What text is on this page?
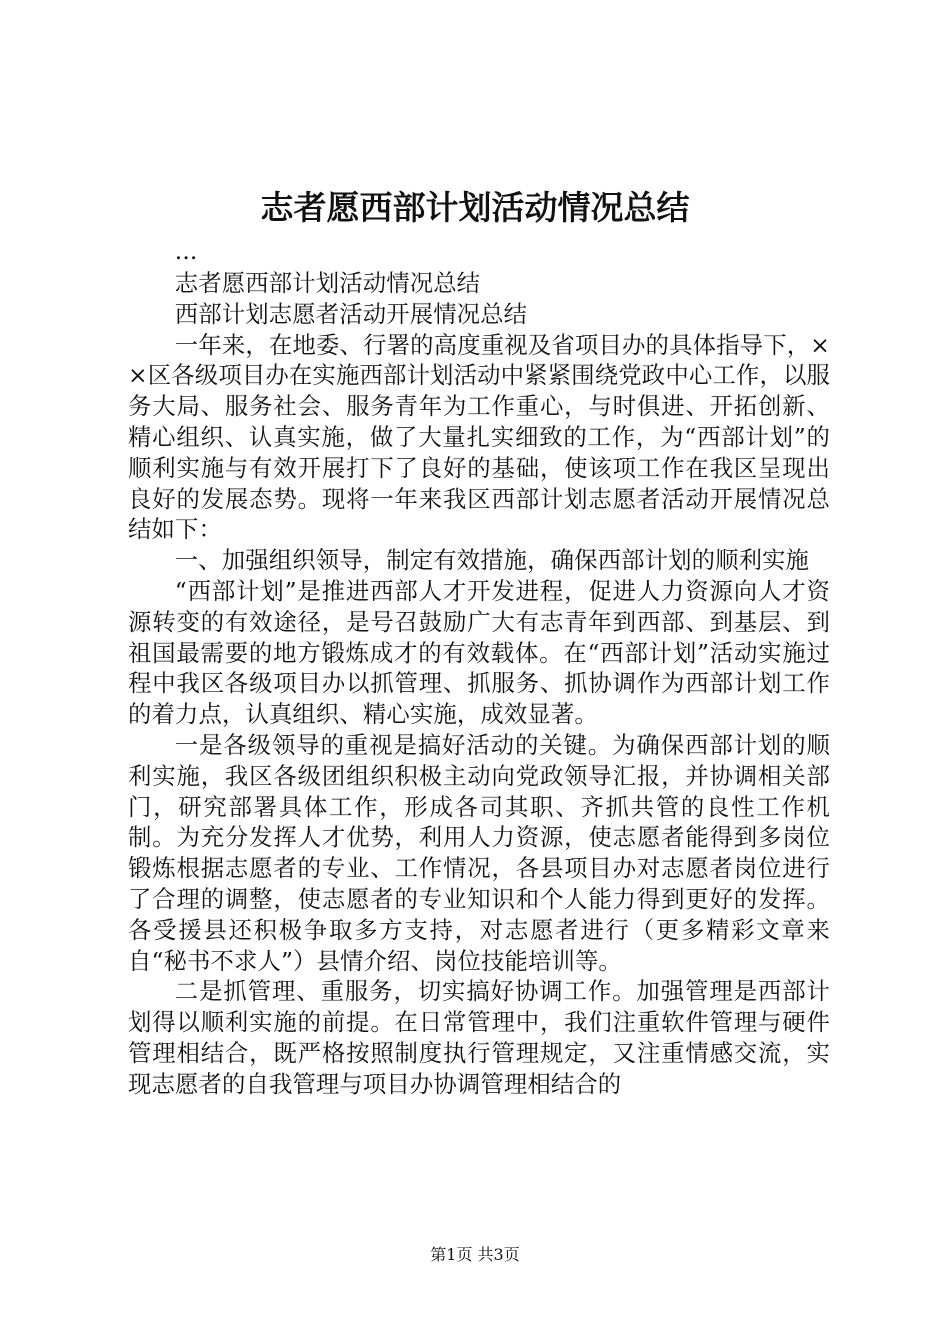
志者愿西部计划活动情况总结

...

志者愿西部计划活动情况总结

西部计划志愿者活动开展情况总结

一年来，在地委、行署的高度重视及省项目办的具体指导下，××区各级项目办在实施西部计划活动中紧紧围绕党政中心工作，以服务大局、服务社会、服务青年为工作重心，与时俱进、开拓创新、精心组织、认真实施，做了大量扎实细致的工作，为“西部计划”的顺利实施与有效开展打下了良好的基础，使该项工作在我区呈现出良好的发展态势。现将一年来我区西部计划志愿者活动开展情况总结如下：

一、加强组织领导，制定有效措施，确保西部计划的顺利实施

“西部计划”是推进西部人才开发进程，促进人力资源向人才资源转变的有效途径，是号召鼓励广大有志青年到西部、到基层、到祖国最需要的地方锻炼成才的有效载体。在“西部计划”活动实施过程中我区各级项目办以抓管理、抓服务、抓协调作为西部计划工作的着力点，认真组织、精心实施，成效显著。

一是各级领导的重视是搞好活动的关键。为确保西部计划的顺利实施，我区各级团组织积极主动向党政领导汇报，并协调相关部门，研究部署具体工作，形成各司其职、齐抓共管的良性工作机制。为充分发挥人才优势，利用人力资源，使志愿者能得到多岗位锻炼根据志愿者的专业、工作情况，各县项目办对志愿者岗位进行了合理的调整，使志愿者的专业知识和个人能力得到更好的发挥。各受援县还积极争取多方支持，对志愿者进行（更多精彩文章来自“秘书不求人”）县情介绍、岗位技能培训等。

二是抓管理、重服务，切实搞好协调工作。加强管理是西部计划得以顺利实施的前提。在日常管理中，我们注重软件管理与硬件管理相结合，既严格按照制度执行管理规定，又注重情感交流，实现志愿者的自我管理与项目办协调管理相结合的

第1页 共3页
